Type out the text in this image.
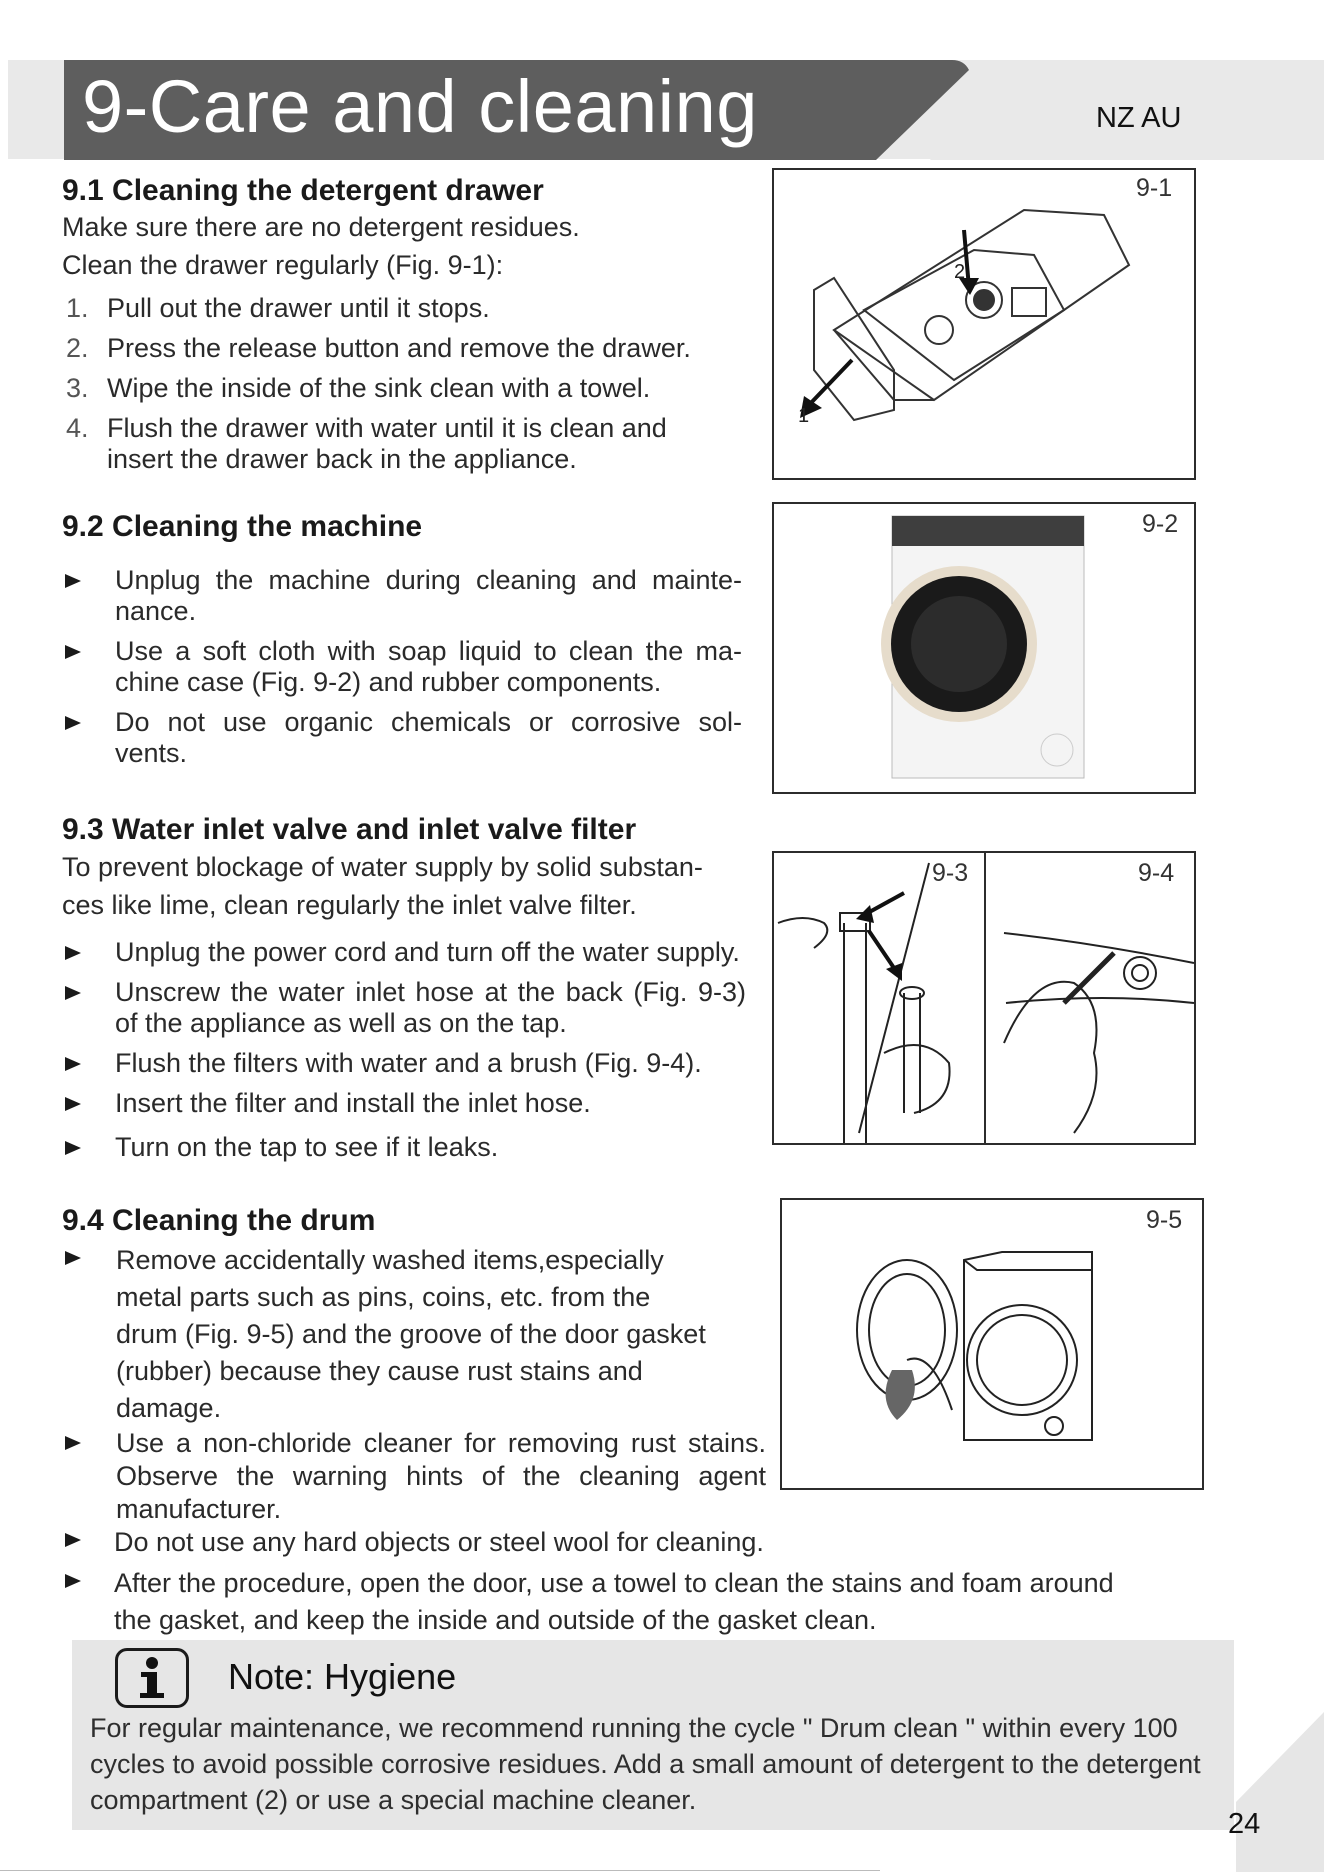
9-Care and cleaning	NZ AU
9.1 Cleaning the detergent drawer
Make sure there are no detergent residues.
Clean the drawer regularly (Fig. 9-1):
1. Pull out the drawer until it stops.
2. Press the release button and remove the drawer.
3. Wipe the inside of the sink clean with a towel.
4. Flush the drawer with water until it is clean and insert the drawer back in the appliance.
9-1
2
1
9.2 Cleaning the machine
Unplug the machine during cleaning and mainte- nance.
Use a soft cloth with soap liquid to clean the ma- chine case (Fig. 9-2) and rubber components.
Do not use organic chemicals or corrosive sol- vents.
9-2
9.3 Water inlet valve and inlet valve filter
To prevent blockage of water supply by solid substan-
ces like lime, clean regularly the inlet valve filter.
Unplug the power cord and turn off the water supply.
Unscrew the water inlet hose at the back (Fig. 9-3) of the appliance as well as on the tap.
Flush the filters with water and a brush (Fig. 9-4).
Insert the filter and install the inlet hose.
Turn on the tap to see if it leaks.
9-3	9-4
9.4 Cleaning the drum
Remove accidentally washed items,especially metal parts such as pins, coins, etc. from the drum (Fig. 9-5) and the groove of the door gasket (rubber) because they cause rust stains and damage.
Use a non-chloride cleaner for removing rust stains. Observe the warning hints of the cleaning agent manufacturer.
Do not use any hard objects or steel wool for cleaning.
After the procedure, open the door, use a towel to clean the stains and foam around the gasket, and keep the inside and outside of the gasket clean.
9-5
Note: Hygiene
For regular maintenance, we recommend running the cycle " Drum clean " within every 100 cycles to avoid possible corrosive residues. Add a small amount of detergent to the detergent compartment (2) or use a special machine cleaner.
24
